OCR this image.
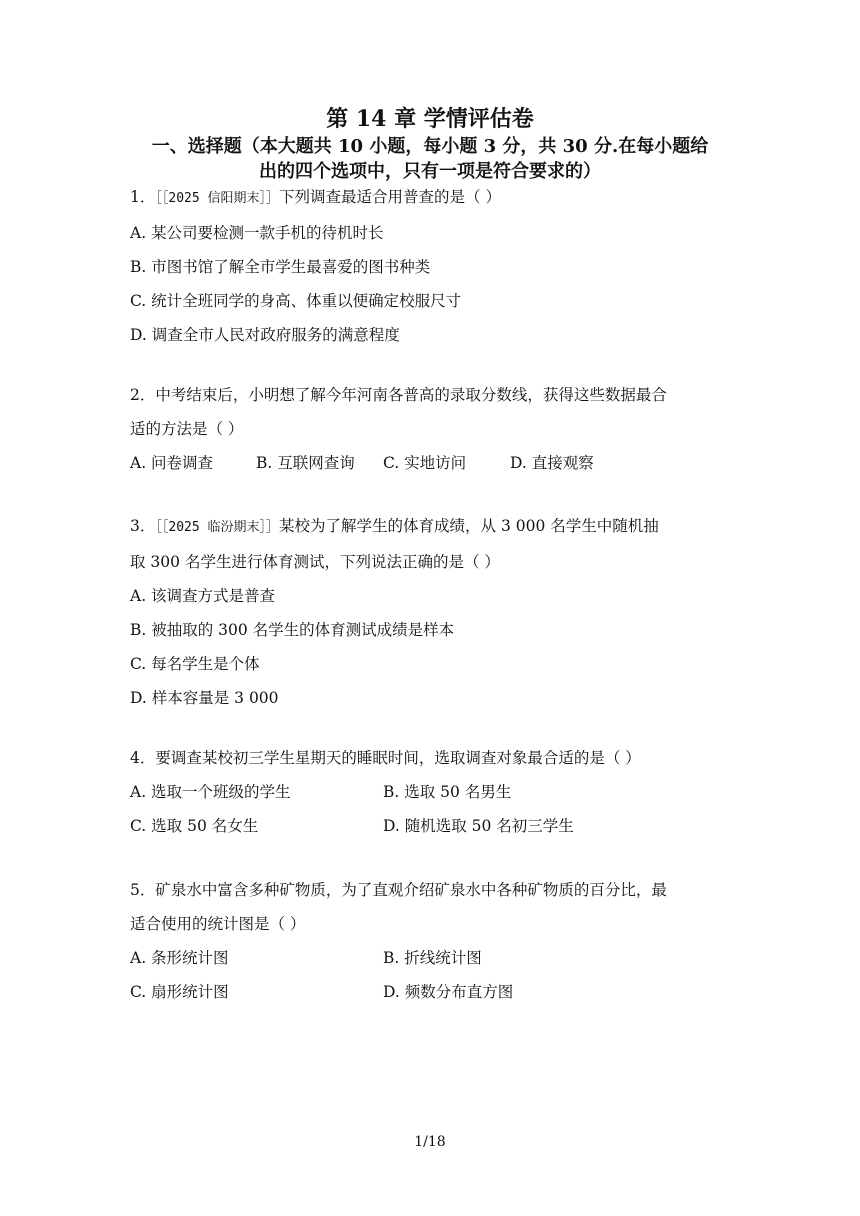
第 14 章 学情评估卷
一、选择题（本大题共 10 小题，每小题 3 分，共 30 分.在每小题给
出的四个选项中，只有一项是符合要求的）
1．［［2025 信阳期末］］下列调查最适合用普查的是（ ）
A. 某公司要检测一款手机的待机时长
B. 市图书馆了解全市学生最喜爱的图书种类
C. 统计全班同学的身高、体重以便确定校服尺寸
D. 调查全市人民对政府服务的满意程度
2．中考结束后，小明想了解今年河南各普高的录取分数线，获得这些数据最合
适的方法是（ ）
A. 问卷调查	B. 互联网查询 C. 实地访问	D. 直接观察
3．［［2025 临汾期末］］某校为了解学生的体育成绩，从 3 000 名学生中随机抽
取 300 名学生进行体育测试，下列说法正确的是（ ）
A. 该调查方式是普查
B. 被抽取的 300 名学生的体育测试成绩是样本
C. 每名学生是个体
D. 样本容量是 3 000
4．要调查某校初三学生星期天的睡眠时间，选取调查对象最合适的是（ ）
A. 选取一个班级的学生	B. 选取 50 名男生
C. 选取 50 名女生	D. 随机选取 50 名初三学生
5．矿泉水中富含多种矿物质，为了直观介绍矿泉水中各种矿物质的百分比，最
适合使用的统计图是（ ）
A. 条形统计图	B. 折线统计图
C. 扇形统计图	D. 频数分布直方图
1/18
